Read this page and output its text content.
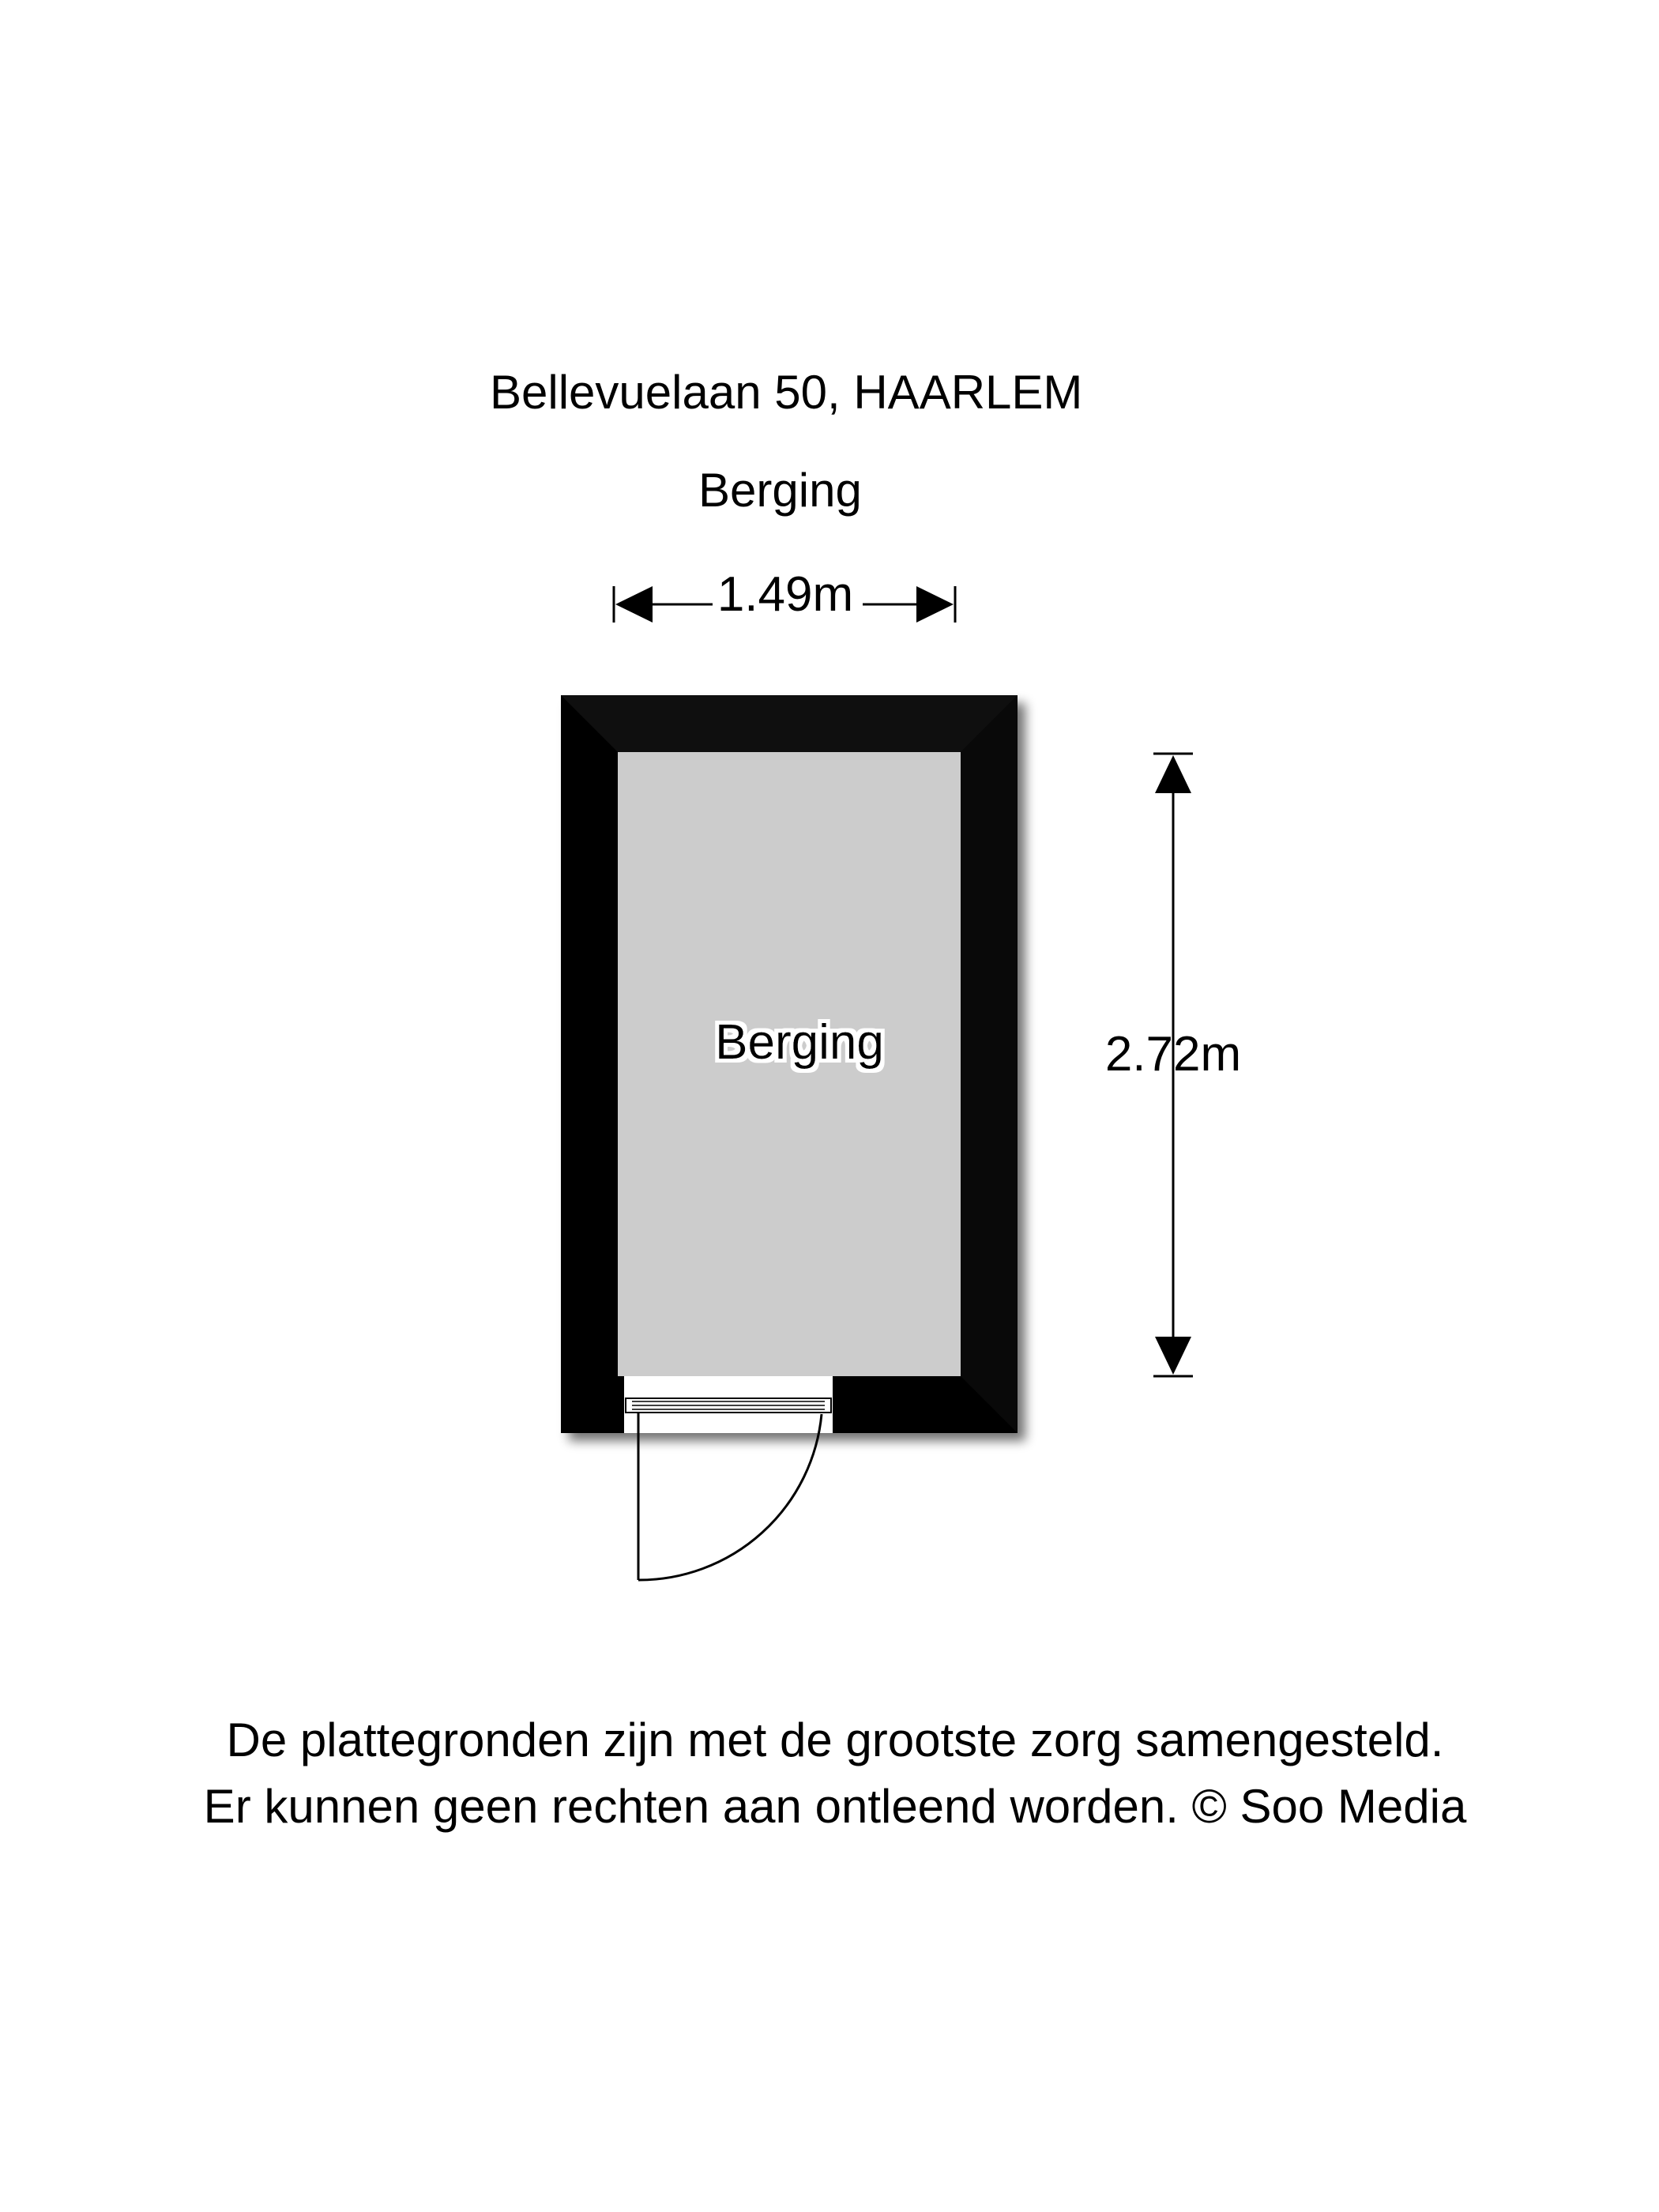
Bellevuelaan 50, HAARLEM
Berging
1.49m
2.72m
Berging
De plattegronden zijn met de grootste zorg samengesteld.
Er kunnen geen rechten aan ontleend worden. © Soo Media
